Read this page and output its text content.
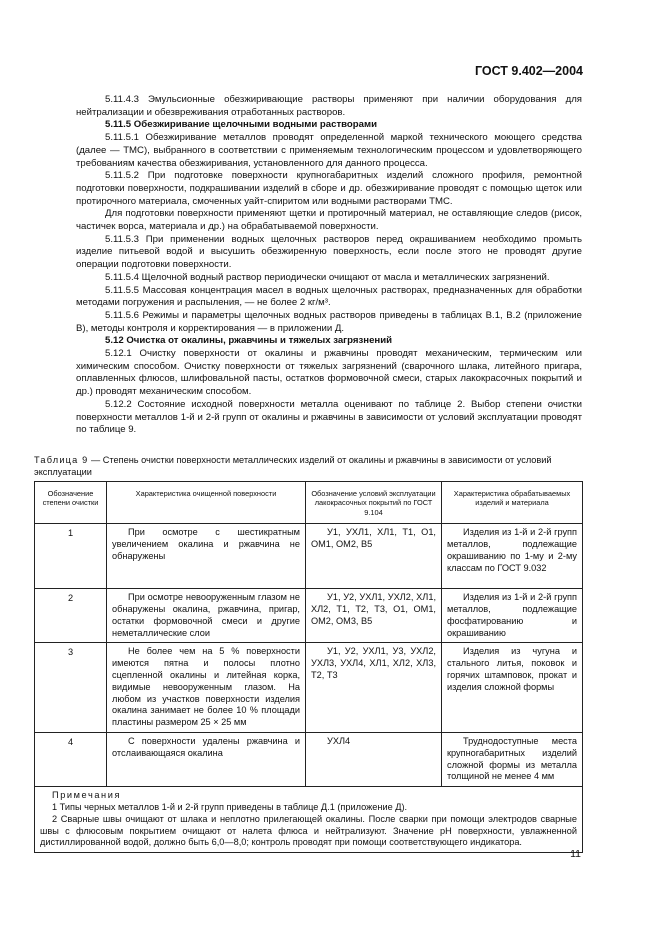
ГОСТ 9.402—2004

5.11.4.3 Эмульсионные обезжиривающие растворы применяют при наличии оборудования для нейтрализации и обезвреживания отработанных растворов.

5.11.5 Обезжиривание щелочными водными растворами

5.11.5.1 Обезжиривание металлов проводят определенной маркой технического моющего средства (далее — ТМС), выбранного в соответствии с применяемым технологическим процессом и удовлетворяющего требованиям качества обезжиривания, установленного для данного процесса.

5.11.5.2 При подготовке поверхности крупногабаритных изделий сложного профиля, ремонтной подготовки поверхности, подкрашивании изделий в сборе и др. обезжиривание проводят с помощью щеток или протирочного материала, смоченных уайт-спиритом или водными растворами ТМС.

Для подготовки поверхности применяют щетки и протирочный материал, не оставляющие следов (рисок, частичек ворса, материала и др.) на обрабатываемой поверхности.

5.11.5.3 При применении водных щелочных растворов перед окрашиванием необходимо промыть изделие питьевой водой и высушить обезжиренную поверхность, если после этого не проводят другие операции подготовки поверхности.

5.11.5.4 Щелочной водный раствор периодически очищают от масла и металлических загрязнений.

5.11.5.5 Массовая концентрация масел в водных щелочных растворах, предназначенных для обработки методами погружения и распыления, — не более 2 кг/м³.

5.11.5.6 Режимы и параметры щелочных водных растворов приведены в таблицах В.1, В.2 (приложение В), методы контроля и корректирования — в приложении Д.

5.12 Очистка от окалины, ржавчины и тяжелых загрязнений

5.12.1 Очистку поверхности от окалины и ржавчины проводят механическим, термическим или химическим способом. Очистку поверхности от тяжелых загрязнений (сварочного шлака, литейного пригара, оплавленных флюсов, шлифовальной пасты, остатков формовочной смеси, старых лакокрасочных покрытий и др.) проводят механическим способом.

5.12.2 Состояние исходной поверхности металла оценивают по таблице 2. Выбор степени очистки поверхности металлов 1-й и 2-й групп от окалины и ржавчины в зависимости от условий эксплуатации проводят по таблице 9.

Таблица 9 — Степень очистки поверхности металлических изделий от окалины и ржавчины в зависимости от условий эксплуатации
Обозначение степени очистки	Характеристика очищенной поверхности	Обозначение условий эксплуатации лакокрасочных покрытий по ГОСТ 9.104	Характеристика обрабатываемых изделий и материала
1	При осмотре с шестикратным увеличением окалина и ржавчина не обнаружены	У1, УХЛ1, ХЛ1, Т1, О1, ОМ1, ОМ2, В5	Изделия из 1-й и 2-й групп металлов, подлежащие окрашиванию по 1-му и 2-му классам по ГОСТ 9.032
2	При осмотре невооруженным глазом не обнаружены окалина, ржавчина, пригар, остатки формовочной смеси и другие неметаллические слои	У1, У2, УХЛ1, УХЛ2, ХЛ1, ХЛ2, Т1, Т2, Т3, О1, ОМ1, ОМ2, ОМ3, В5	Изделия из 1-й и 2-й групп металлов, подлежащие фосфатированию и окрашиванию
3	Не более чем на 5 % поверхности имеются пятна и полосы плотно сцепленной окалины и литейная корка, видимые невооруженным глазом. На любом из участков поверхности изделия окалина занимает не более 10 % площади пластины размером 25 × 25 мм	У1, У2, УХЛ1, У3, УХЛ2, УХЛ3, УХЛ4, ХЛ1, ХЛ2, ХЛ3, Т2, Т3	Изделия из чугуна и стального литья, поковок и горячих штамповок, прокат и изделия сложной формы
4	С поверхности удалены ржавчина и отслаивающаяся окалина	УХЛ4	Труднодоступные места крупногабаритных изделий сложной формы из металла толщиной не менее 4 мм

Примечания

1 Типы черных металлов 1-й и 2-й групп приведены в таблице Д.1 (приложение Д).

2 Сварные швы очищают от шлака и неплотно прилегающей окалины. После сварки при помощи электродов сварные швы с флюсовым покрытием очищают от налета флюса и нейтрализуют. Значение pH поверхности, увлажненной дистиллированной водой, должно быть 6,0—8,0; контроль проводят при помощи соответствующего индикатора.			

11
